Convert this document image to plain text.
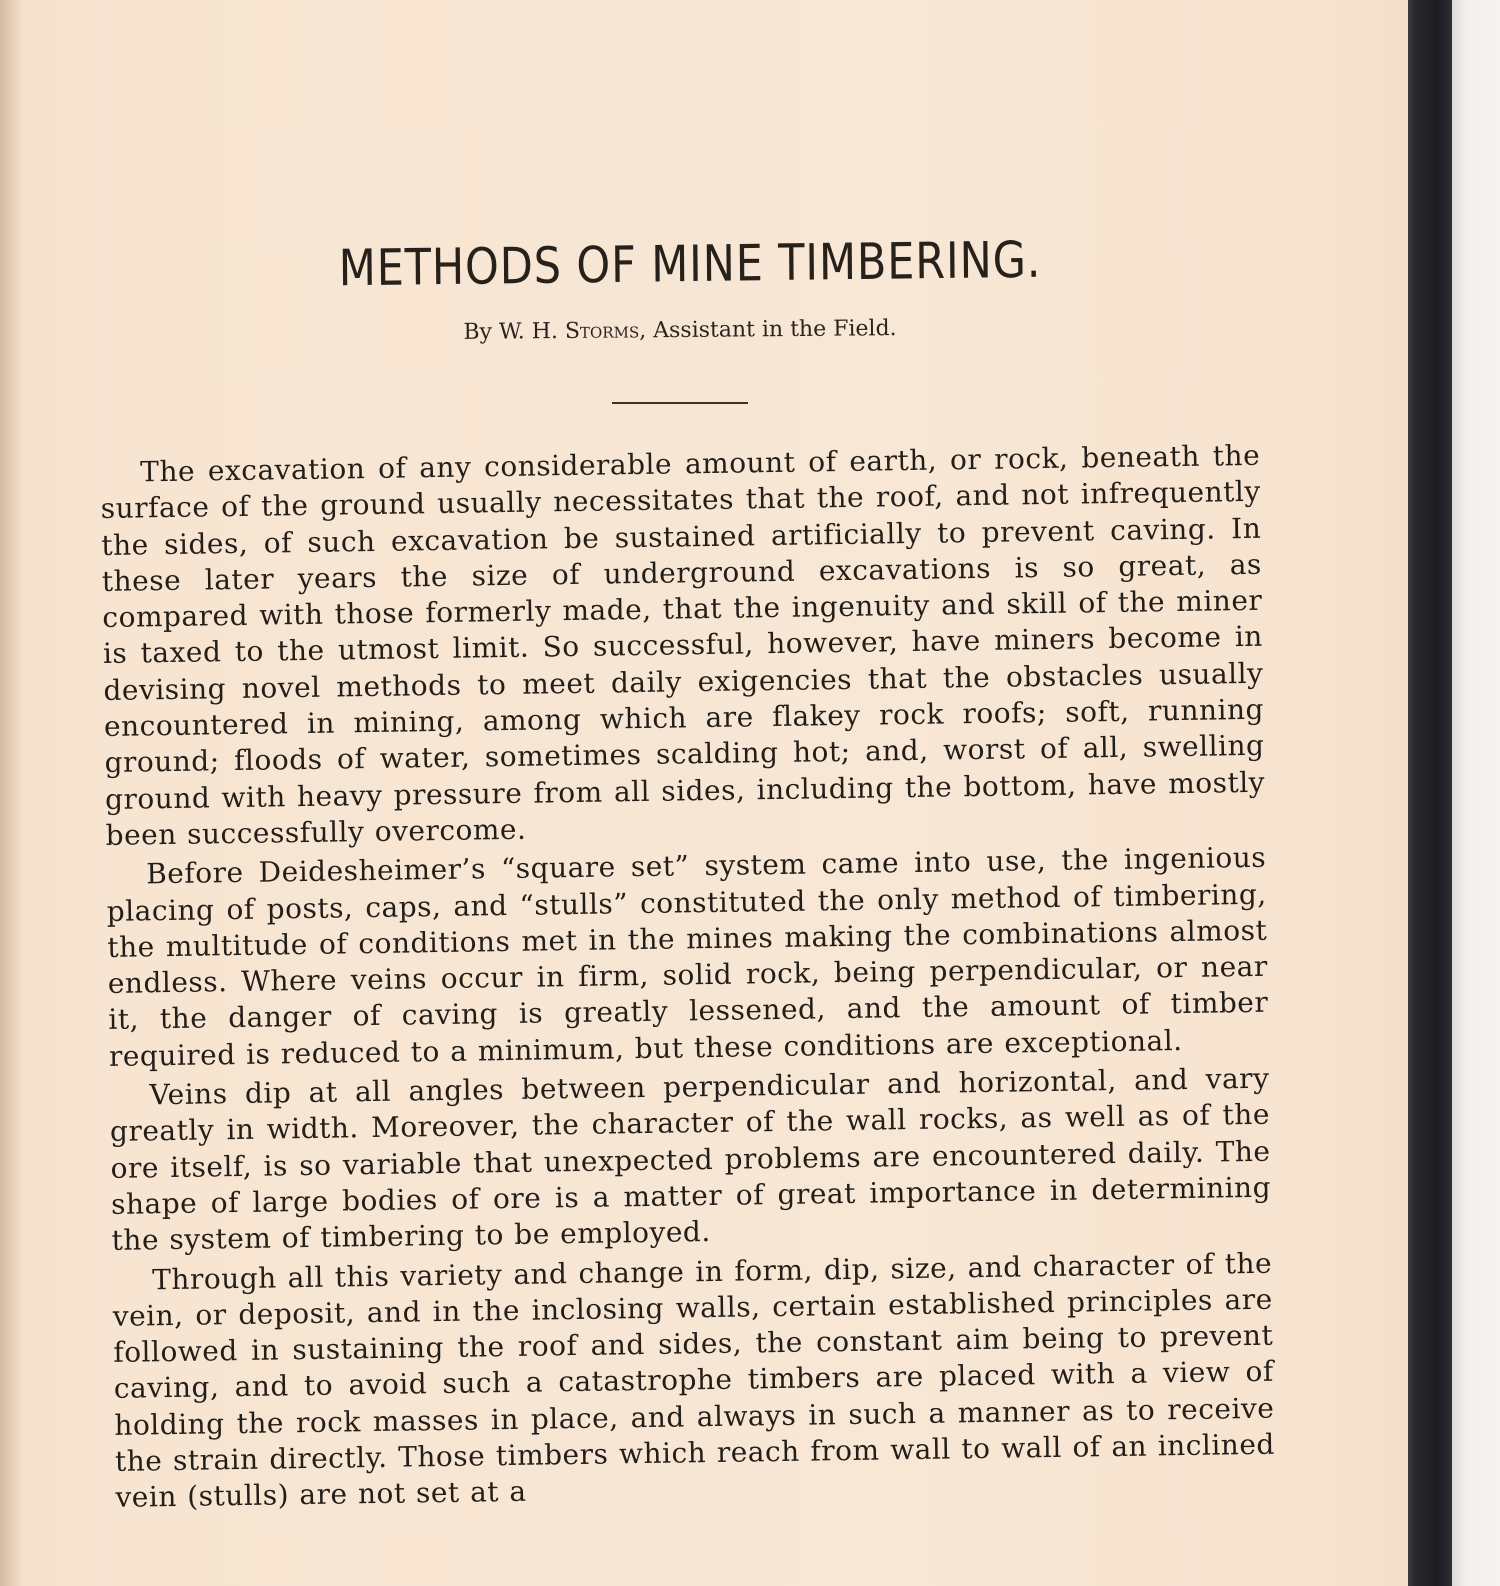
METHODS OF MINE TIMBERING.

By W. H. Storms, Assistant in the Field.

The excavation of any considerable amount of earth, or rock, beneath the surface of the ground usually necessitates that the roof, and not infrequently the sides, of such excavation be sustained artificially to prevent caving. In these later years the size of underground excavations is so great, as compared with those formerly made, that the ingenuity and skill of the miner is taxed to the utmost limit. So successful, however, have miners become in devising novel methods to meet daily exigencies that the obstacles usually encountered in mining, among which are flakey rock roofs; soft, running ground; floods of water, sometimes scalding hot; and, worst of all, swelling ground with heavy pressure from all sides, including the bottom, have mostly been successfully overcome.

Before Deidesheimer’s “square set” system came into use, the ingenious placing of posts, caps, and “stulls” constituted the only method of timbering, the multitude of conditions met in the mines making the combinations almost endless. Where veins occur in firm, solid rock, being perpendicular, or near it, the danger of caving is greatly lessened, and the amount of timber required is reduced to a minimum, but these conditions are exceptional.

Veins dip at all angles between perpendicular and horizontal, and vary greatly in width. Moreover, the character of the wall rocks, as well as of the ore itself, is so variable that unexpected problems are encountered daily. The shape of large bodies of ore is a matter of great importance in determining the system of timbering to be employed.

Through all this variety and change in form, dip, size, and character of the vein, or deposit, and in the inclosing walls, certain established principles are followed in sustaining the roof and sides, the constant aim being to prevent caving, and to avoid such a catastrophe timbers are placed with a view of holding the rock masses in place, and always in such a manner as to receive the strain directly. Those timbers which reach from wall to wall of an inclined vein (stulls) are not set at a
